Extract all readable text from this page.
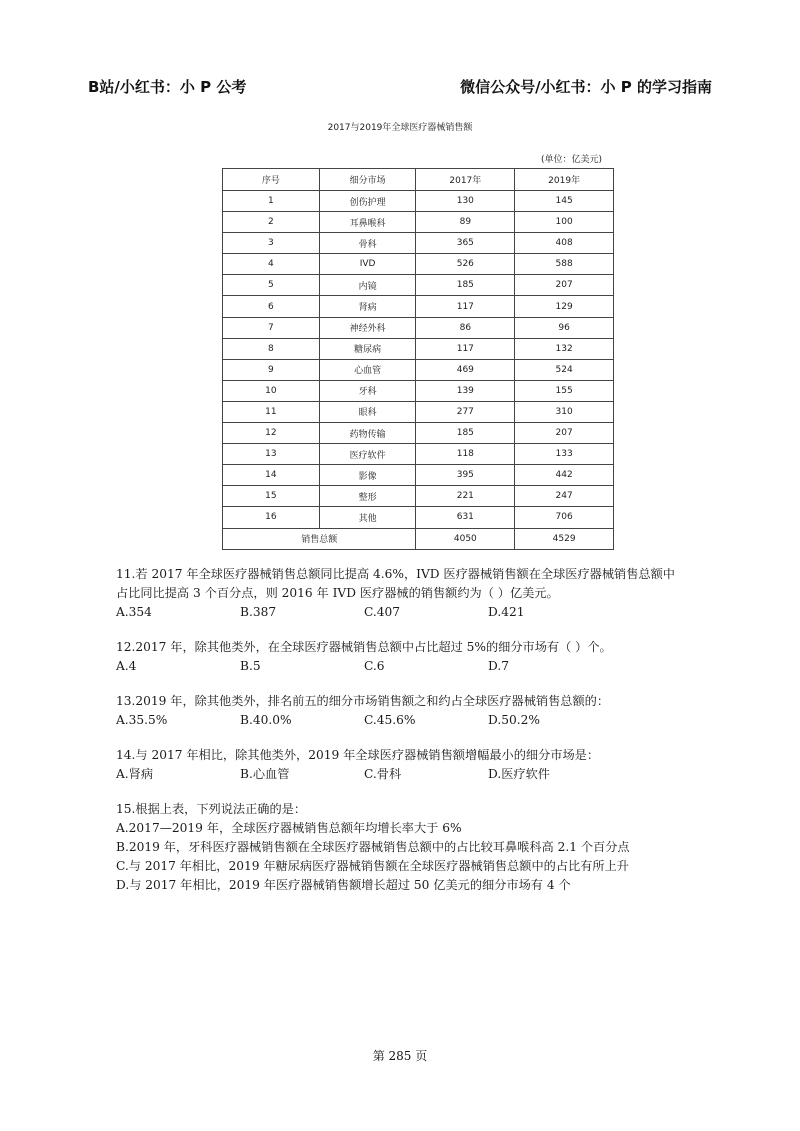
B站/小红书：小 P 公考	微信公众号/小红书：小 P 的学习指南
2017与2019年全球医疗器械销售额
(单位：亿美元)
序号	细分市场	2017年	2019年
1	创伤护理	130	145
2	耳鼻喉科	89	100
3	骨科	365	408
4	IVD	526	588
5	内镜	185	207
6	肾病	117	129
7	神经外科	86	96
8	糖尿病	117	132
9	心血管	469	524
10	牙科	139	155
11	眼科	277	310
12	药物传输	185	207
13	医疗软件	118	133
14	影像	395	442
15	整形	221	247
16	其他	631	706
销售总额		4050	4529
11.若 2017 年全球医疗器械销售总额同比提高 4.6%，IVD 医疗器械销售额在全球医疗器械销售总额中
占比同比提高 3 个百分点，则 2016 年 IVD 医疗器械的销售额约为（ ）亿美元。
A.354	B.387	C.407	D.421
12.2017 年，除其他类外，在全球医疗器械销售总额中占比超过 5%的细分市场有（ ）个。
A.4	B.5	C.6	D.7
13.2019 年，除其他类外，排名前五的细分市场销售额之和约占全球医疗器械销售总额的：
A.35.5%	B.40.0%	C.45.6%	D.50.2%
14.与 2017 年相比，除其他类外，2019 年全球医疗器械销售额增幅最小的细分市场是：
A.肾病	B.心血管	C.骨科	D.医疗软件
15.根据上表，下列说法正确的是：
A.2017—2019 年，全球医疗器械销售总额年均增长率大于 6%
B.2019 年，牙科医疗器械销售额在全球医疗器械销售总额中的占比较耳鼻喉科高 2.1 个百分点
C.与 2017 年相比，2019 年糖尿病医疗器械销售额在全球医疗器械销售总额中的占比有所上升
D.与 2017 年相比，2019 年医疗器械销售额增长超过 50 亿美元的细分市场有 4 个
第 285 页
